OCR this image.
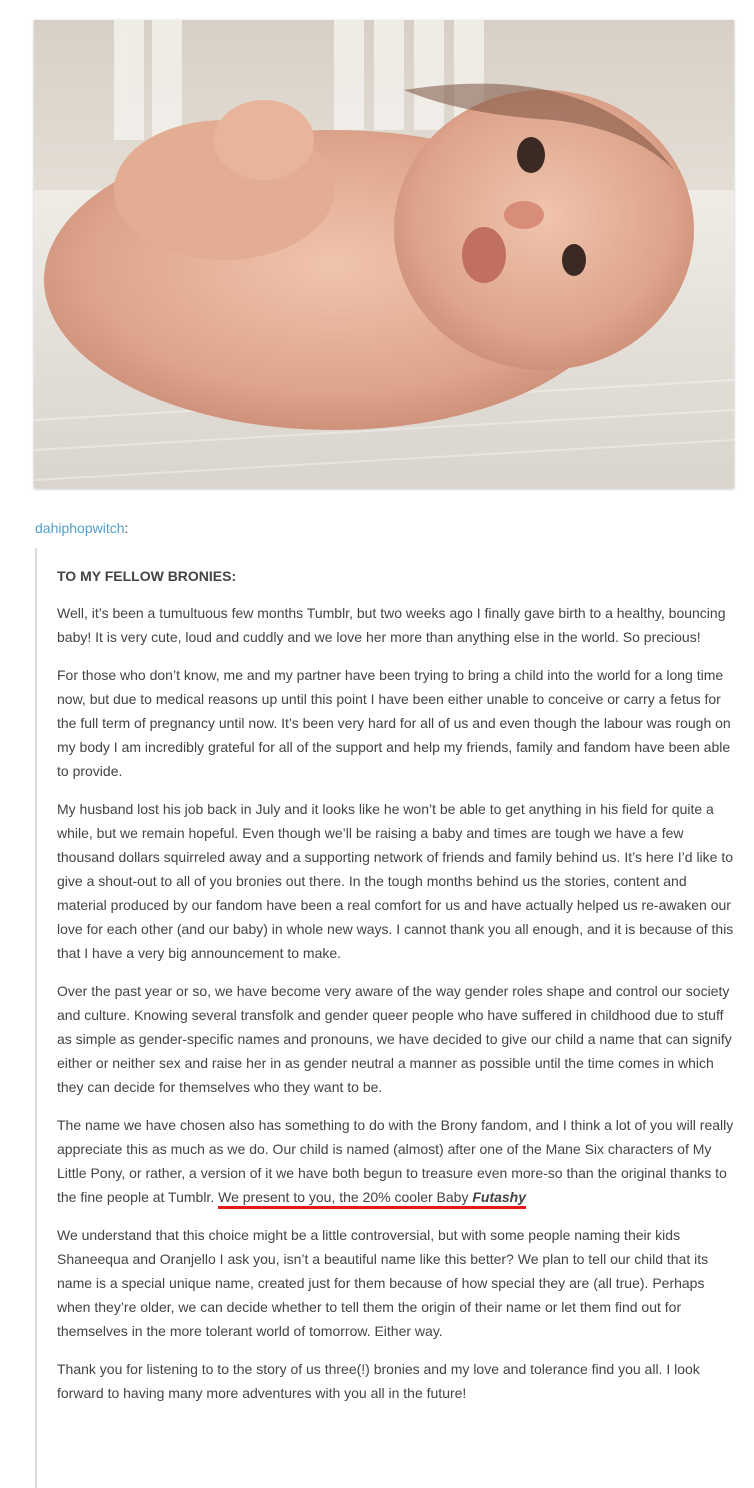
dahiphopwitch:
TO MY FELLOW BRONIES:

Well, it’s been a tumultuous few months Tumblr, but two weeks ago I finally gave birth to a healthy, bouncing baby! It is very cute, loud and cuddly and we love her more than anything else in the world. So precious!

For those who don’t know, me and my partner have been trying to bring a child into the world for a long time now, but due to medical reasons up until this point I have been either unable to conceive or carry a fetus for the full term of pregnancy until now. It’s been very hard for all of us and even though the labour was rough on my body I am incredibly grateful for all of the support and help my friends, family and fandom have been able to provide.

My husband lost his job back in July and it looks like he won’t be able to get anything in his field for quite a while, but we remain hopeful. Even though we’ll be raising a baby and times are tough we have a few thousand dollars squirreled away and a supporting network of friends and family behind us. It’s here I’d like to give a shout-out to all of you bronies out there. In the tough months behind us the stories, content and material produced by our fandom have been a real comfort for us and have actually helped us re-awaken our love for each other (and our baby) in whole new ways. I cannot thank you all enough, and it is because of this that I have a very big announcement to make.

Over the past year or so, we have become very aware of the way gender roles shape and control our society and culture. Knowing several transfolk and gender queer people who have suffered in childhood due to stuff as simple as gender-specific names and pronouns, we have decided to give our child a name that can signify either or neither sex and raise her in as gender neutral a manner as possible until the time comes in which they can decide for themselves who they want to be.

The name we have chosen also has something to do with the Brony fandom, and I think a lot of you will really appreciate this as much as we do. Our child is named (almost) after one of the Mane Six characters of My Little Pony, or rather, a version of it we have both begun to treasure even more-so than the original thanks to the fine people at Tumblr. We present to you, the 20% cooler Baby Futashy

We understand that this choice might be a little controversial, but with some people naming their kids Shaneequa and Oranjello I ask you, isn’t a beautiful name like this better? We plan to tell our child that its name is a special unique name, created just for them because of how special they are (all true). Perhaps when they’re older, we can decide whether to tell them the origin of their name or let them find out for themselves in the more tolerant world of tomorrow. Either way.

Thank you for listening to to the story of us three(!) bronies and my love and tolerance find you all. I look forward to having many more adventures with you all in the future!
